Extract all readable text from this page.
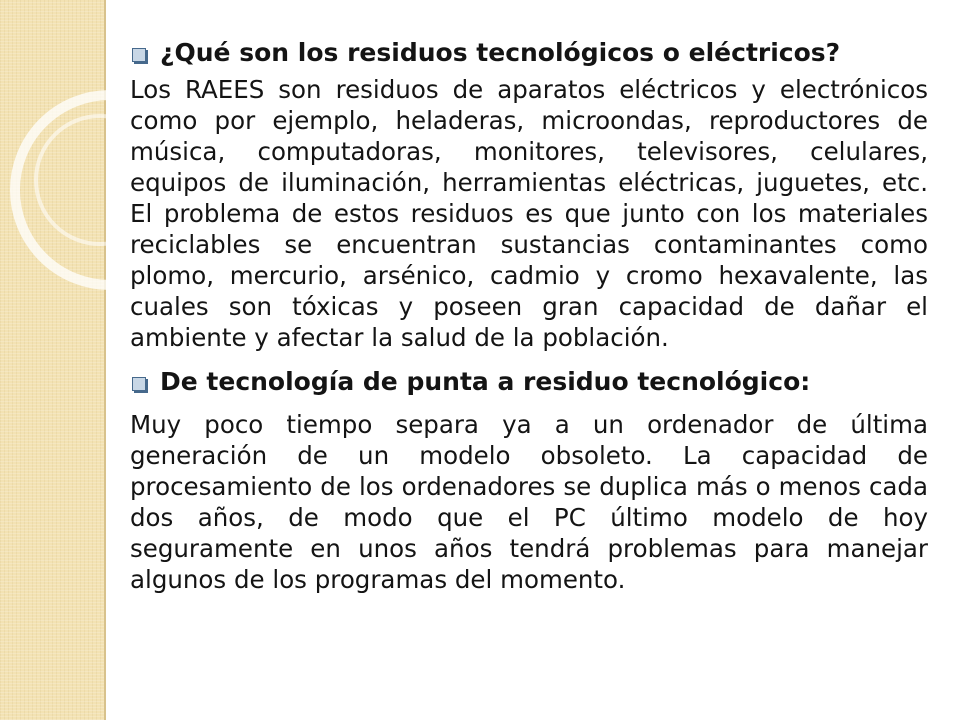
¿Qué son los residuos tecnológicos o eléctricos?

Los RAEES son residuos de aparatos eléctricos y electrónicos como por ejemplo, heladeras, microondas, reproductores de música, computadoras, monitores, televisores, celulares, equipos de iluminación, herramientas eléctricas, juguetes, etc. El problema de estos residuos es que junto con los materiales reciclables se encuentran sustancias contaminantes como plomo, mercurio, arsénico, cadmio y cromo hexavalente, las cuales son tóxicas y poseen gran capacidad de dañar el ambiente y afectar la salud de la población.

De tecnología de punta a residuo tecnológico:

Muy poco tiempo separa ya a un ordenador de última generación de un modelo obsoleto. La capacidad de procesamiento de los ordenadores se duplica más o menos cada dos años, de modo que el PC último modelo de hoy seguramente en unos años tendrá problemas para manejar algunos de los programas del momento.
